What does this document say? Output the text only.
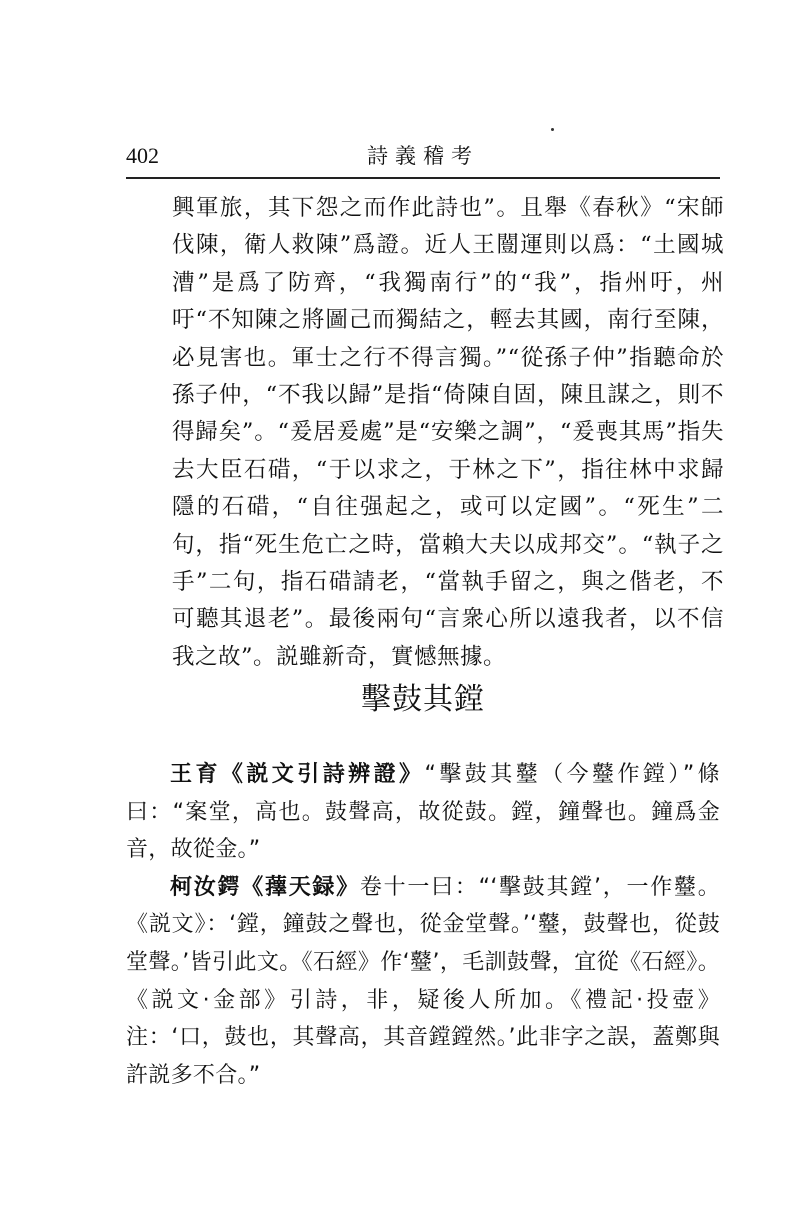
402	詩義稽考
興軍旅，其下怨之而作此詩也”。且舉《春秋》“宋師伐陳，衛人救陳”爲證。近人王闓運則以爲：“土國城漕”是爲了防齊，“我獨南行”的“我”，指州吁，州吁“不知陳之將圖己而獨結之，輕去其國，南行至陳，必見害也。軍士之行不得言獨。”“從孫子仲”指聽命於孫子仲，“不我以歸”是指“倚陳自固，陳且謀之，則不得歸矣”。“爰居爰處”是“安樂之調”，“爰喪其馬”指失去大臣石碏，“于以求之，于林之下”，指往林中求歸隱的石碏，“自往强起之，或可以定國”。“死生”二句，指“死生危亡之時，當賴大夫以成邦交”。“執子之手”二句，指石碏請老，“當執手留之，與之偕老，不可聽其退老”。最後兩句“言衆心所以遠我者，以不信我之故”。説雖新奇，實憾無據。
擊鼓其鏜

王育《説文引詩辨證》“擊鼓其鼞（今鼞作鏜）”條曰：“案堂，高也。鼓聲高，故從鼓。鏜，鐘聲也。鐘爲金音，故從金。”

柯汝鍔《蘀天録》卷十一曰：“‘擊鼓其鏜’，一作鼞。《説文》：‘鏜，鐘鼓之聲也，從金堂聲。’‘鼞，鼓聲也，從鼓堂聲。’皆引此文。《石經》作‘鼞’，毛訓鼓聲，宜從《石經》。《説文·金部》引詩，非，疑後人所加。《禮記·投壺》注：‘口，鼓也，其聲高，其音鏜鏜然。’此非字之誤，蓋鄭與許説多不合。”
